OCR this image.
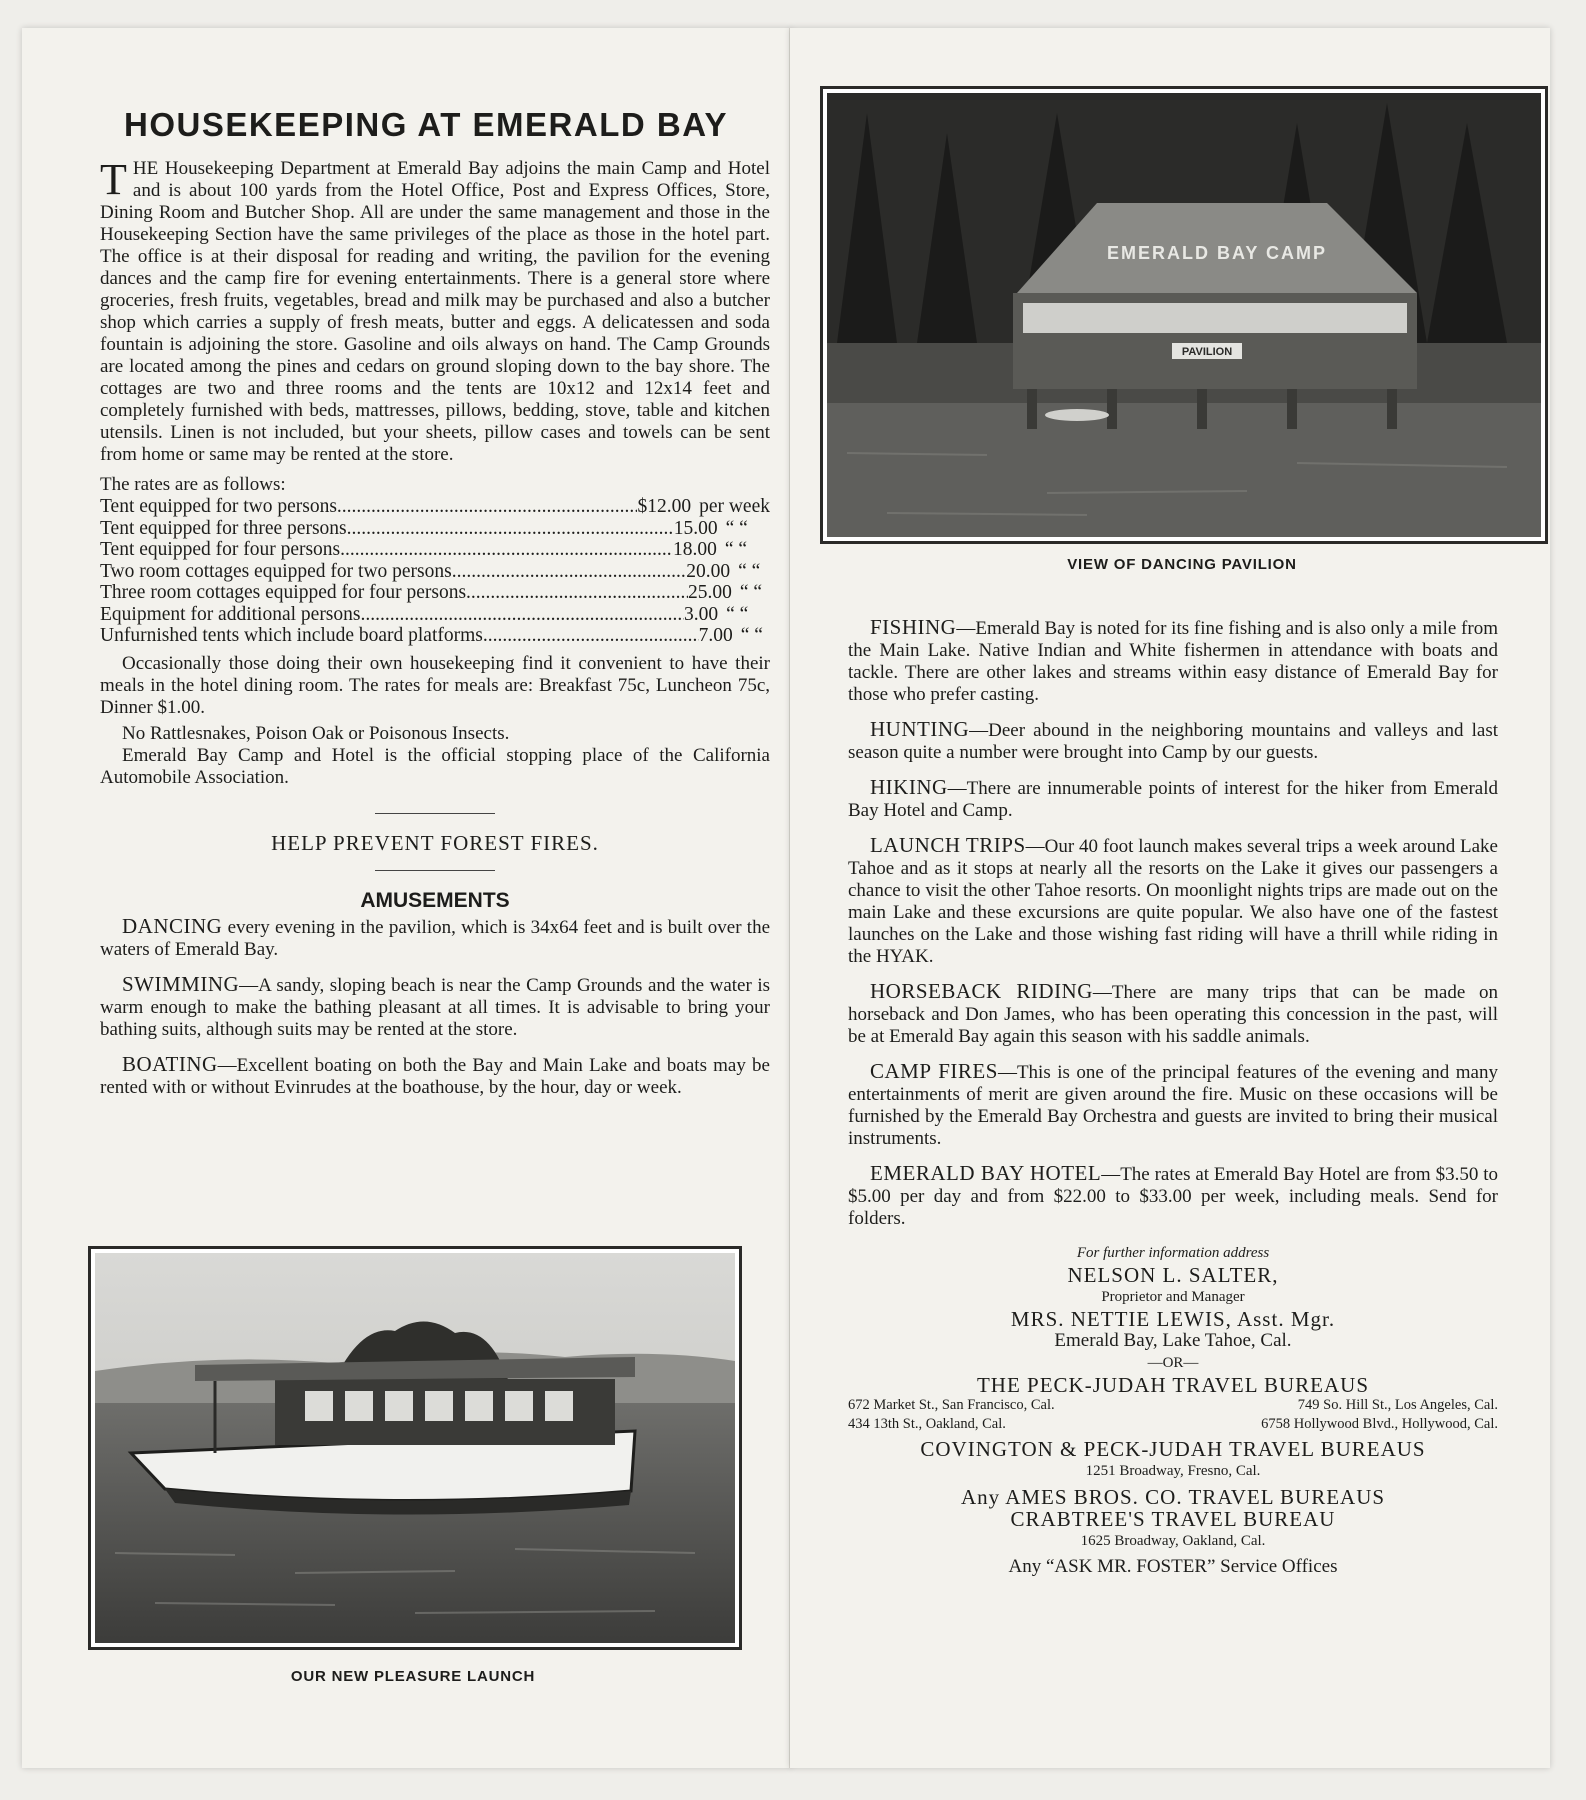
HOUSEKEEPING AT EMERALD BAY

THE Housekeeping Department at Emerald Bay adjoins the main Camp and Hotel and is about 100 yards from the Hotel Office, Post and Express Offices, Store, Dining Room and Butcher Shop. All are under the same management and those in the Housekeeping Section have the same privileges of the place as those in the hotel part. The office is at their disposal for reading and writing, the pavilion for the evening dances and the camp fire for evening entertainments. There is a general store where groceries, fresh fruits, vegetables, bread and milk may be purchased and also a butcher shop which carries a supply of fresh meats, butter and eggs. A delicatessen and soda fountain is adjoining the store. Gasoline and oils always on hand. The Camp Grounds are located among the pines and cedars on ground sloping down to the bay shore. The cottages are two and three rooms and the tents are 10x12 and 12x14 feet and completely furnished with beds, mattresses, pillows, bedding, stove, table and kitchen utensils. Linen is not included, but your sheets, pillow cases and towels can be sent from home or same may be rented at the store.

The rates are as follows:

Tent equipped for two persons .....	$12.00 per week
Tent equipped for three persons .....	15.00 “ “
Tent equipped for four persons .....	18.00 “ “
Two room cottages equipped for two persons .....	20.00 “ “
Three room cottages equipped for four persons .....	25.00 “ “
Equipment for additional persons .....	3.00 “ “
Unfurnished tents which include board platforms .....	7.00 “ “

Occasionally those doing their own housekeeping find it convenient to have their meals in the hotel dining room. The rates for meals are: Breakfast 75c, Luncheon 75c, Dinner $1.00.

No Rattlesnakes, Poison Oak or Poisonous Insects.

Emerald Bay Camp and Hotel is the official stopping place of the California Automobile Association.

HELP PREVENT FOREST FIRES.

AMUSEMENTS

DANCING every evening in the pavilion, which is 34x64 feet and is built over the waters of Emerald Bay.

SWIMMING—A sandy, sloping beach is near the Camp Grounds and the water is warm enough to make the bathing pleasant at all times. It is advisable to bring your bathing suits, although suits may be rented at the store.

BOATING—Excellent boating on both the Bay and Main Lake and boats may be rented with or without Evinrudes at the boathouse, by the hour, day or week.

OUR NEW PLEASURE LAUNCH
EMERALD BAY CAMP
PAVILION
VIEW OF DANCING PAVILION

FISHING—Emerald Bay is noted for its fine fishing and is also only a mile from the Main Lake. Native Indian and White fishermen in attendance with boats and tackle. There are other lakes and streams within easy distance of Emerald Bay for those who prefer casting.

HUNTING—Deer abound in the neighboring mountains and valleys and last season quite a number were brought into Camp by our guests.

HIKING—There are innumerable points of interest for the hiker from Emerald Bay Hotel and Camp.

LAUNCH TRIPS—Our 40 foot launch makes several trips a week around Lake Tahoe and as it stops at nearly all the resorts on the Lake it gives our passengers a chance to visit the other Tahoe resorts. On moonlight nights trips are made out on the main Lake and these excursions are quite popular. We also have one of the fastest launches on the Lake and those wishing fast riding will have a thrill while riding in the HYAK.

HORSEBACK RIDING—There are many trips that can be made on horseback and Don James, who has been operating this concession in the past, will be at Emerald Bay again this season with his saddle animals.

CAMP FIRES—This is one of the principal features of the evening and many entertainments of merit are given around the fire. Music on these occasions will be furnished by the Emerald Bay Orchestra and guests are invited to bring their musical instruments.

EMERALD BAY HOTEL—The rates at Emerald Bay Hotel are from $3.50 to $5.00 per day and from $22.00 to $33.00 per week, including meals. Send for folders.

For further information address
NELSON L. SALTER,
Proprietor and Manager
MRS. NETTIE LEWIS, Asst. Mgr.
Emerald Bay, Lake Tahoe, Cal.
—OR—
THE PECK-JUDAH TRAVEL BUREAUS
672 Market St., San Francisco, Cal.	749 So. Hill St., Los Angeles, Cal.
434 13th St., Oakland, Cal.	6758 Hollywood Blvd., Hollywood, Cal.
COVINGTON & PECK-JUDAH TRAVEL BUREAUS
1251 Broadway, Fresno, Cal.
Any AMES BROS. CO. TRAVEL BUREAUS
CRABTREE'S TRAVEL BUREAU
1625 Broadway, Oakland, Cal.
Any “ASK MR. FOSTER” Service Offices
